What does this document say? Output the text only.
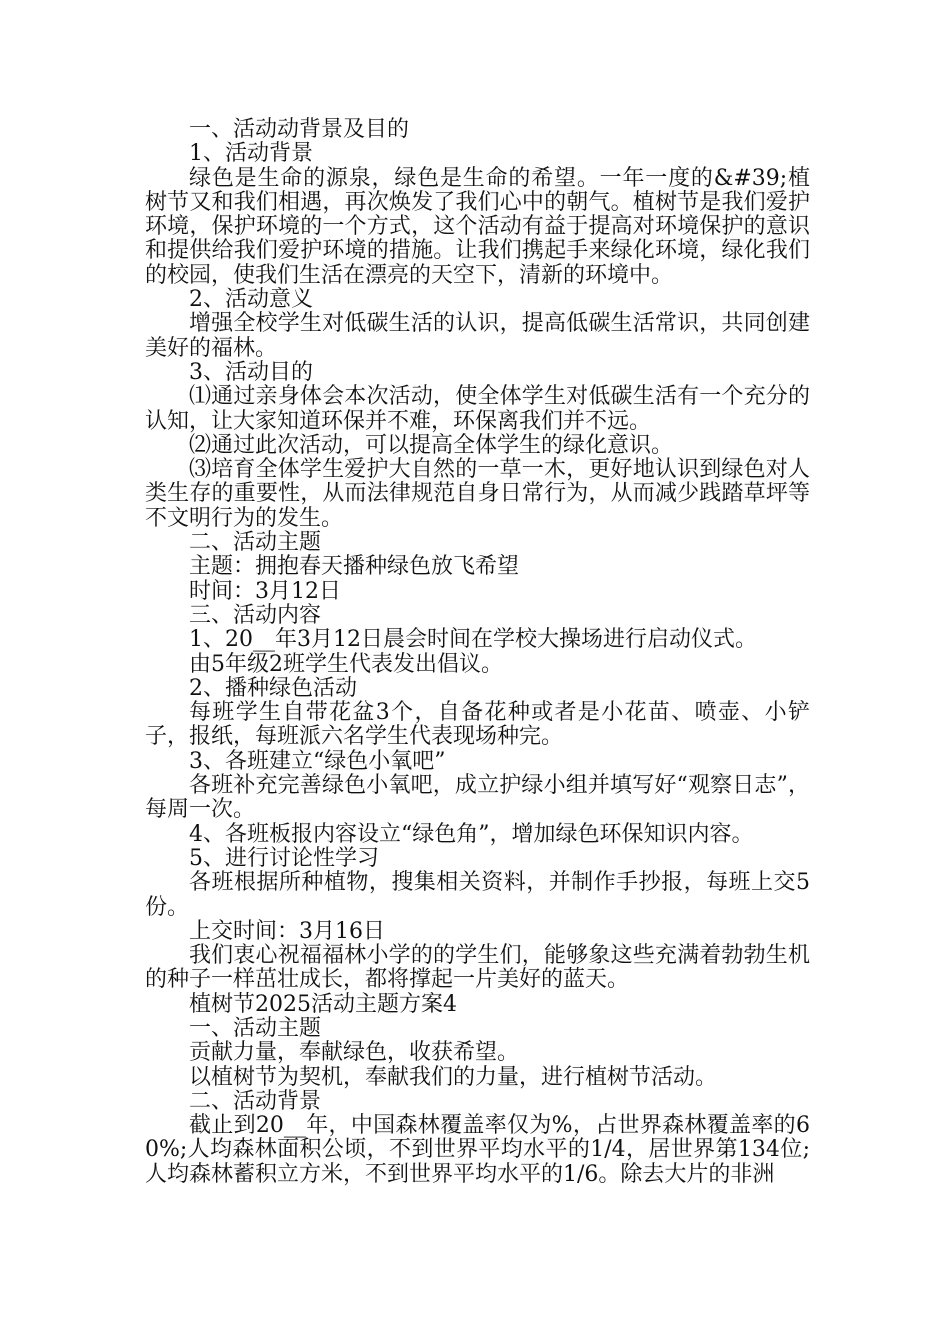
一、活动动背景及目的

1、活动背景

绿色是生命的源泉，绿色是生命的希望。一年一度的&#39;植树节又和我们相遇，再次焕发了我们心中的朝气。植树节是我们爱护环境，保护环境的一个方式，这个活动有益于提高对环境保护的意识和提供给我们爱护环境的措施。让我们携起手来绿化环境，绿化我们的校园，使我们生活在漂亮的天空下，清新的环境中。

2、活动意义

增强全校学生对低碳生活的认识，提高低碳生活常识，共同创建美好的福林。

3、活动目的

⑴通过亲身体会本次活动，使全体学生对低碳生活有一个充分的认知，让大家知道环保并不难，环保离我们并不远。

⑵通过此次活动，可以提高全体学生的绿化意识。

⑶培育全体学生爱护大自然的一草一木，更好地认识到绿色对人类生存的重要性，从而法律规范自身日常行为，从而减少践踏草坪等不文明行为的发生。

二、活动主题

主题：拥抱春天播种绿色放飞希望

时间：3月12日

三、活动内容

1、20__年3月12日晨会时间在学校大操场进行启动仪式。

由5年级2班学生代表发出倡议。

2、播种绿色活动

每班学生自带花盆3个，自备花种或者是小花苗、喷壶、小铲子，报纸，每班派六名学生代表现场种完。

3、各班建立“绿色小氧吧”

各班补充完善绿色小氧吧，成立护绿小组并填写好“观察日志”，每周一次。

4、各班板报内容设立“绿色角”，增加绿色环保知识内容。

5、进行讨论性学习

各班根据所种植物，搜集相关资料，并制作手抄报，每班上交5份。

上交时间：3月16日

我们衷心祝福福林小学的的学生们，能够象这些充满着勃勃生机的种子一样茁壮成长，都将撑起一片美好的蓝天。

植树节2025活动主题方案4

一、活动主题

贡献力量，奉献绿色，收获希望。

以植树节为契机，奉献我们的力量，进行植树节活动。

二、活动背景

截止到20__年，中国森林覆盖率仅为%，占世界森林覆盖率的60%;人均森林面积公顷，不到世界平均水平的1/4，居世界第134位;人均森林蓄积立方米，不到世界平均水平的1/6。除去大片的非洲
